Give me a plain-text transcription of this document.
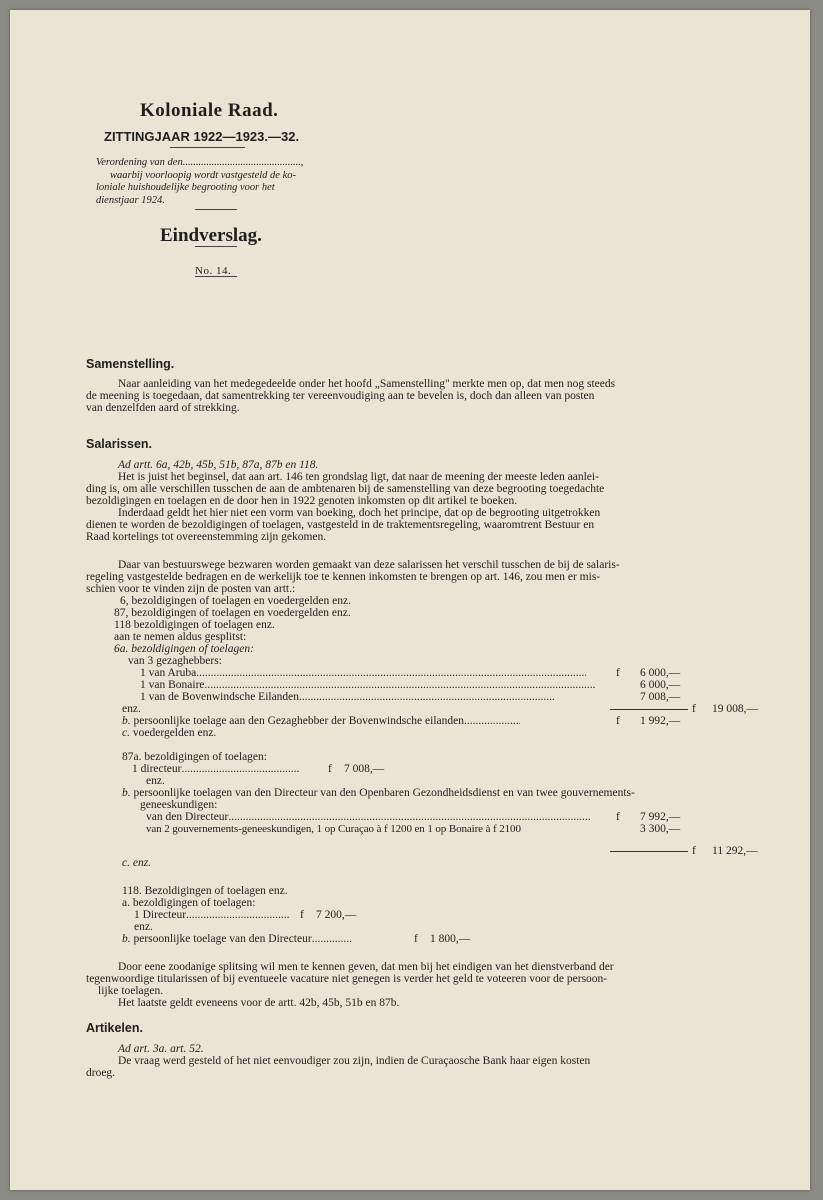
Koloniale Raad.
ZITTINGJAAR 1922—1923.—32.
Verordening van den .....	,
waarbij voorloopig wordt vastgesteld de ko-
loniale huishoudelijke begrooting voor het
dienstjaar 1924.
Eindverslag.
No. 14.
Samenstelling.
Naar aanleiding van het medegedeelde onder het hoofd „Samenstelling" merkte men op, dat men nog steeds
de meening is toegedaan, dat samentrekking ter vereenvoudiging aan te bevelen is, doch dan alleen van posten
van denzelfden aard of strekking.
Salarissen.
Ad artt. 6a, 42b, 45b, 51b, 87a, 87b en 118.
Het is juist het beginsel, dat aan art. 146 ten grondslag ligt, dat naar de meening der meeste leden aanlei-
ding is, om alle verschillen tusschen de aan de ambtenaren bij de samenstelling van deze begrooting toegedachte
bezoldigingen en toelagen en de door hen in 1922 genoten inkomsten op dit artikel te boeken.
Inderdaad geldt het hier niet een vorm van boeking, doch het principe, dat op de begrooting uitgetrokken
dienen te worden de bezoldigingen of toelagen, vastgesteld in de traktementsregeling, waaromtrent Bestuur en
Raad kortelings tot overeenstemming zijn gekomen.
Daar van bestuurswege bezwaren worden gemaakt van deze salarissen het verschil tusschen de bij de salaris-
regeling vastgestelde bedragen en de werkelijk toe te kennen inkomsten te brengen op art. 146, zou men er mis-
schien voor te vinden zijn de posten van artt.:
6, bezoldigingen of toelagen en voedergelden enz.
87, bezoldigingen of toelagen en voedergelden enz.
118 bezoldigingen of toelagen enz.
aan te nemen aldus gesplitst:
6a. bezoldigingen of toelagen:
van 3 gezaghebbers:
1 van Aruba .....	f 6 000,—
1 van Bonaire .....	6 000,—
1 van de Bovenwindsche Eilanden .....	7 008,—
enz.	f 19 008,—
b. persoonlijke toelage aan den Gezaghebber der Bovenwindsche eilanden .....	f 1 992,—
c. voedergelden enz.
87a. bezoldigingen of toelagen:
1 directeur .....	f 7 008,—
enz.
b. persoonlijke toelagen van den Directeur van den Openbaren Gezondheidsdienst en van twee gouvernements-
geneeskundigen:
van den Directeur .....	f 7 992,—
van 2 gouvernements-geneeskundigen, 1 op Curaçao à f 1200 en 1 op Bonaire à f 2100	3 300,—
f 11 292,—
c. enz.
118. Bezoldigingen of toelagen enz.
a. bezoldigingen of toelagen:
1 Directeur .....	f 7 200,—
enz.
b. persoonlijke toelage van den Directeur .....	f 1 800,—
Door eene zoodanige splitsing wil men te kennen geven, dat men bij het eindigen van het dienstverband der
tegenwoordige titularissen of bij eventueele vacature niet genegen is verder het geld te voteeren voor de persoon-
lijke toelagen.
Het laatste geldt eveneens voor de artt. 42b, 45b, 51b en 87b.
Artikelen.
Ad art. 3a. art. 52.
De vraag werd gesteld of het niet eenvoudiger zou zijn, indien de Curaçaosche Bank haar eigen kosten
droeg.
